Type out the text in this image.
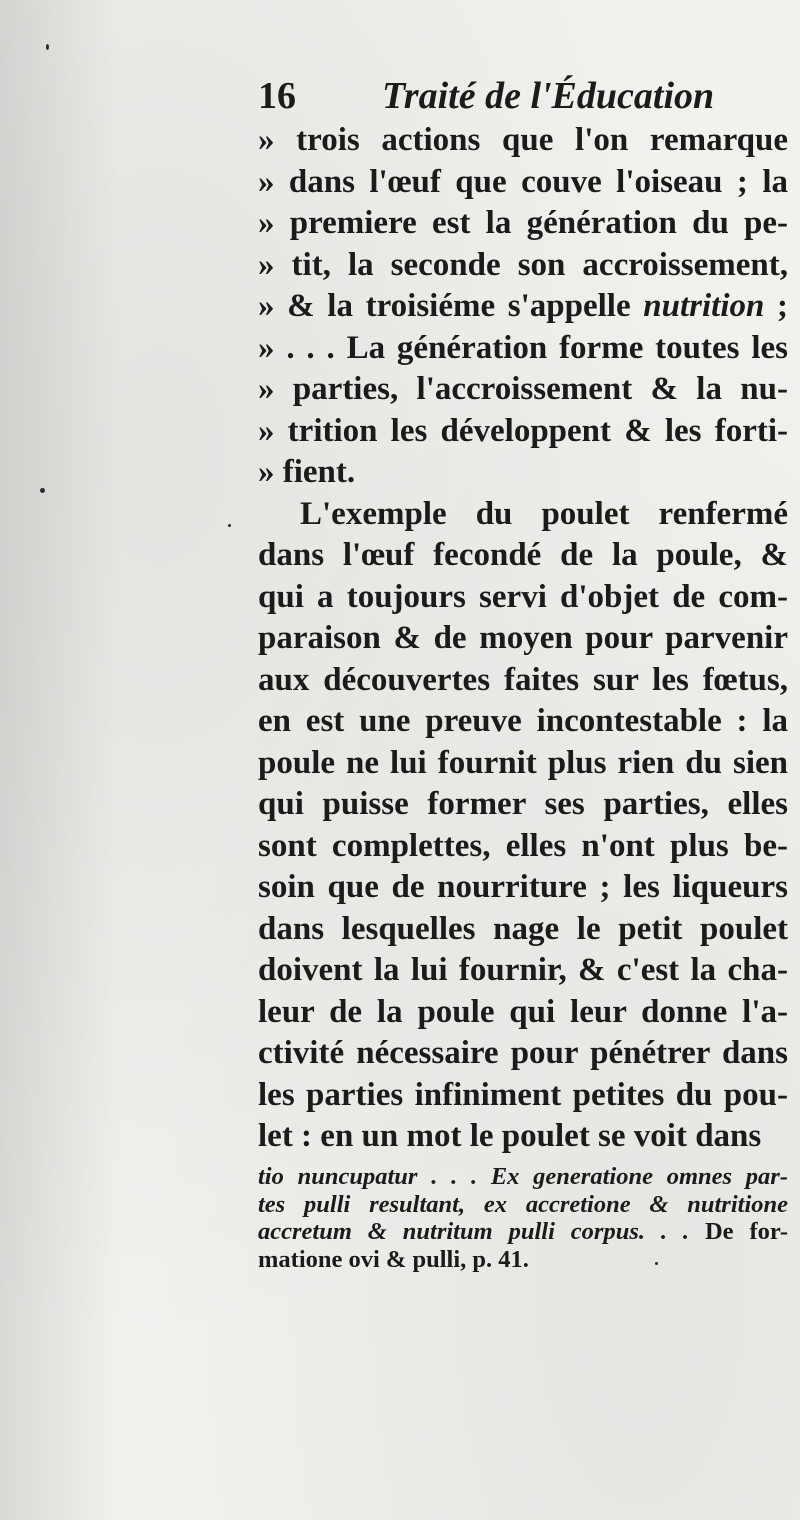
16 Traité de l'Éducation
» trois actions que l'on remarque
» dans l'œuf que couve l'oiseau ; la
» premiere est la génération du pe-
» tit, la seconde son accroissement,
» & la troisiéme s'appelle nutrition ;
» . . . La génération forme toutes les
» parties, l'accroissement & la nu-
» trition les développent & les forti-
» fient.
L'exemple du poulet renfermé
dans l'œuf fecondé de la poule, &
qui a toujours servi d'objet de com-
paraison & de moyen pour parvenir
aux découvertes faites sur les fœtus,
en est une preuve incontestable : la
poule ne lui fournit plus rien du sien
qui puisse former ses parties, elles
sont complettes, elles n'ont plus be-
soin que de nourriture ; les liqueurs
dans lesquelles nage le petit poulet
doivent la lui fournir, & c'est la cha-
leur de la poule qui leur donne l'a-
ctivité nécessaire pour pénétrer dans
les parties infiniment petites du pou-
let : en un mot le poulet se voit dans
tio nuncupatur . . . Ex generatione omnes par-
tes pulli resultant, ex accretione & nutritione
accretum & nutritum pulli corpus. . . De for-
matione ovi & pulli, p. 41.
